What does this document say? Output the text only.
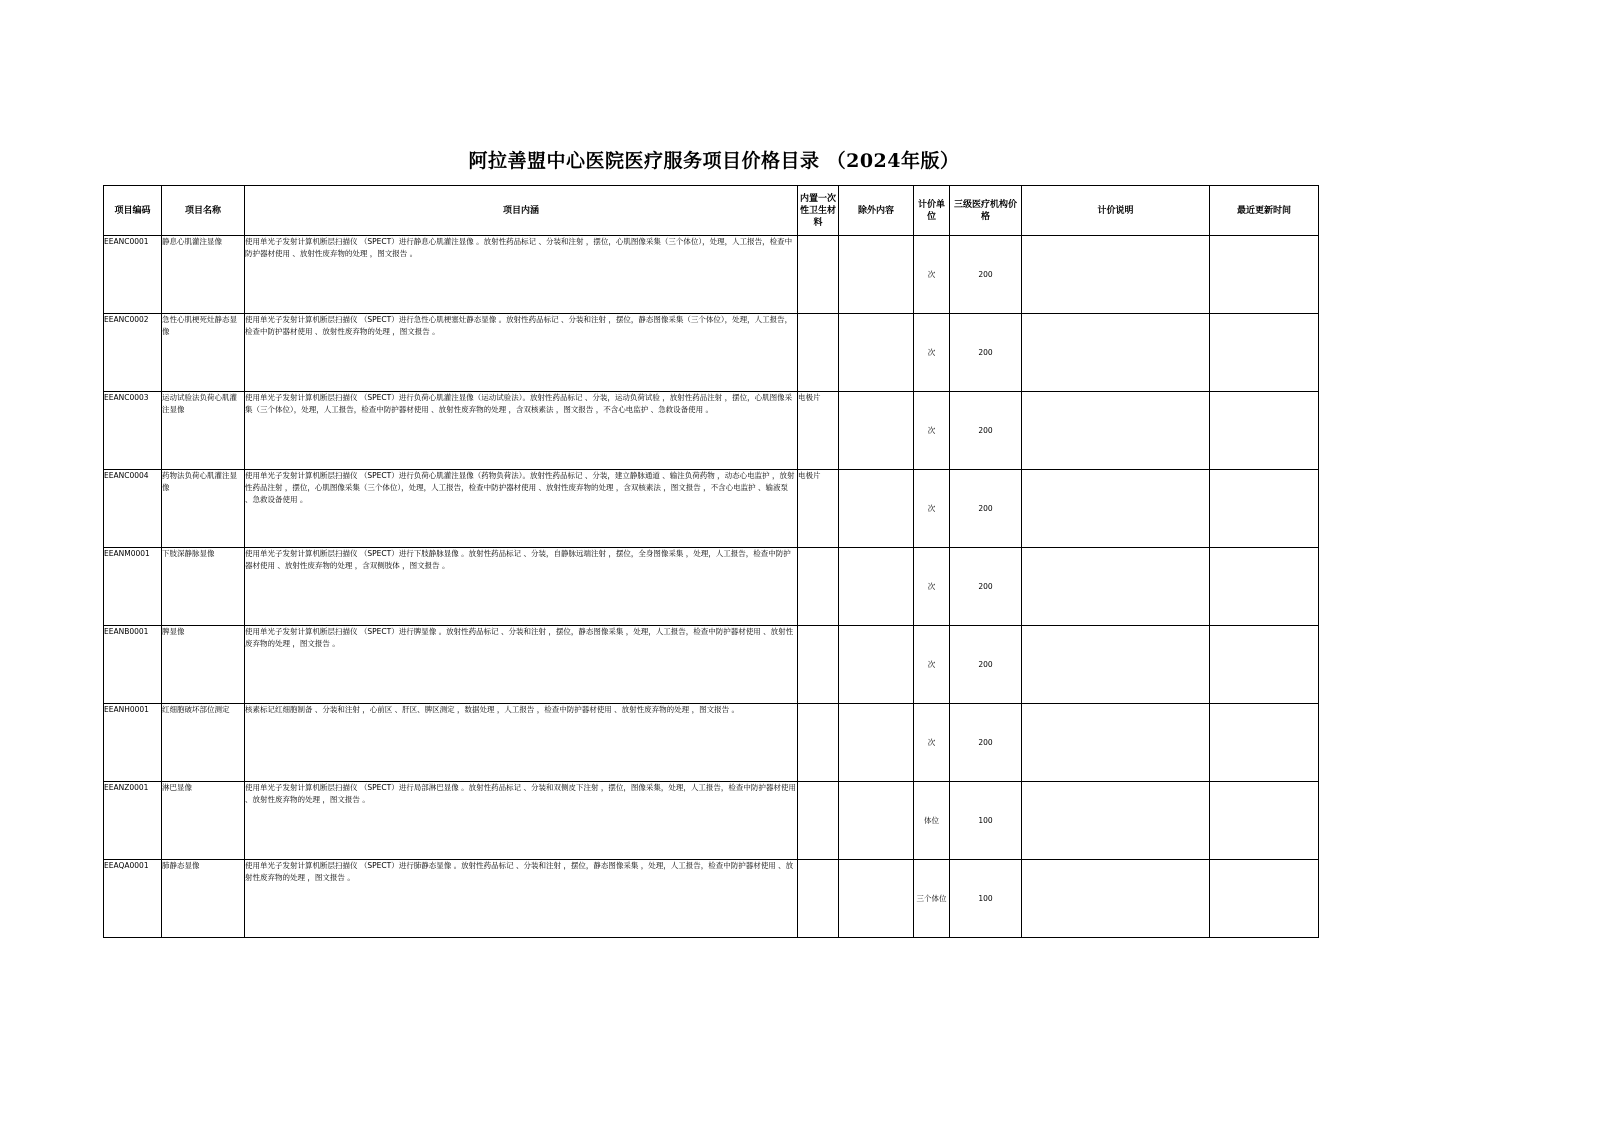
阿拉善盟中心医院医疗服务项目价格目录 （2024年版）
项目编码	项目名称	项目内涵	内置一次性卫生材料	除外内容	计价单位	三级医疗机构价格	计价说明	最近更新时间
EEANC0001	静息心肌灌注显像	使用单光子发射计算机断层扫描仪 （SPECT）进行静息心肌灌注显像 。放射性药品标记 、分装和注射 ，摆位，心肌图像采集（三个体位），处理，人工报告，检查中防护器材使用 、放射性废弃物的处理 ，图文报告 。			次	200		
EEANC0002	急性心肌梗死灶静态显像	使用单光子发射计算机断层扫描仪 （SPECT）进行急性心肌梗塞灶静态显像 。放射性药品标记 、分装和注射 ，摆位，静态图像采集（三个体位），处理，人工报告，检查中防护器材使用 、放射性废弃物的处理 ，图文报告 。			次	200		
EEANC0003	运动试验法负荷心肌灌注显像	使用单光子发射计算机断层扫描仪 （SPECT）进行负荷心肌灌注显像（运动试验法）。放射性药品标记 、分装，运动负荷试验 ，放射性药品注射 ，摆位，心肌图像采集（三个体位），处理，人工报告，检查中防护器材使用 、放射性废弃物的处理 ，含双核素法 ，图文报告 ，不含心电监护 、急救设备使用 。	电极片		次	200		
EEANC0004	药物法负荷心肌灌注显像	使用单光子发射计算机断层扫描仪 （SPECT）进行负荷心肌灌注显像（药物负荷法）。放射性药品标记 、分装，建立静脉通道 、输注负荷药物 ，动态心电监护 ，放射性药品注射 ，摆位，心肌图像采集（三个体位），处理，人工报告，检查中防护器材使用 、放射性废弃物的处理 ，含双核素法 ，图文报告 ，不含心电监护 、输液泵 、急救设备使用 。	电极片		次	200		
EEANM0001	下肢深静脉显像	使用单光子发射计算机断层扫描仪 （SPECT）进行下肢静脉显像 。放射性药品标记 、分装，自静脉远端注射 ，摆位，全身图像采集 ，处理，人工报告，检查中防护器材使用 、放射性废弃物的处理 ，含双侧肢体 ，图文报告 。			次	200		
EEANB0001	脾显像	使用单光子发射计算机断层扫描仪 （SPECT）进行脾显像 。放射性药品标记 、分装和注射 ，摆位，静态图像采集 ，处理，人工报告，检查中防护器材使用 、放射性废弃物的处理 ，图文报告 。			次	200		
EEANH0001	红细胞破坏部位测定	核素标记红细胞制备 、分装和注射 ，心前区 、肝区、脾区测定 ，数据处理 ，人工报告 ，检查中防护器材使用 、放射性废弃物的处理 ，图文报告 。			次	200		
EEANZ0001	淋巴显像	使用单光子发射计算机断层扫描仪 （SPECT）进行局部淋巴显像 。放射性药品标记 、分装和双侧皮下注射 ，摆位，图像采集，处理，人工报告，检查中防护器材使用 、放射性废弃物的处理 ，图文报告 。			体位	100		
EEAQA0001	肺静态显像	使用单光子发射计算机断层扫描仪 （SPECT）进行肺静态显像 。放射性药品标记 、分装和注射 ，摆位，静态图像采集 ，处理，人工报告，检查中防护器材使用 、放射性废弃物的处理 ，图文报告 。			三个体位	100		
